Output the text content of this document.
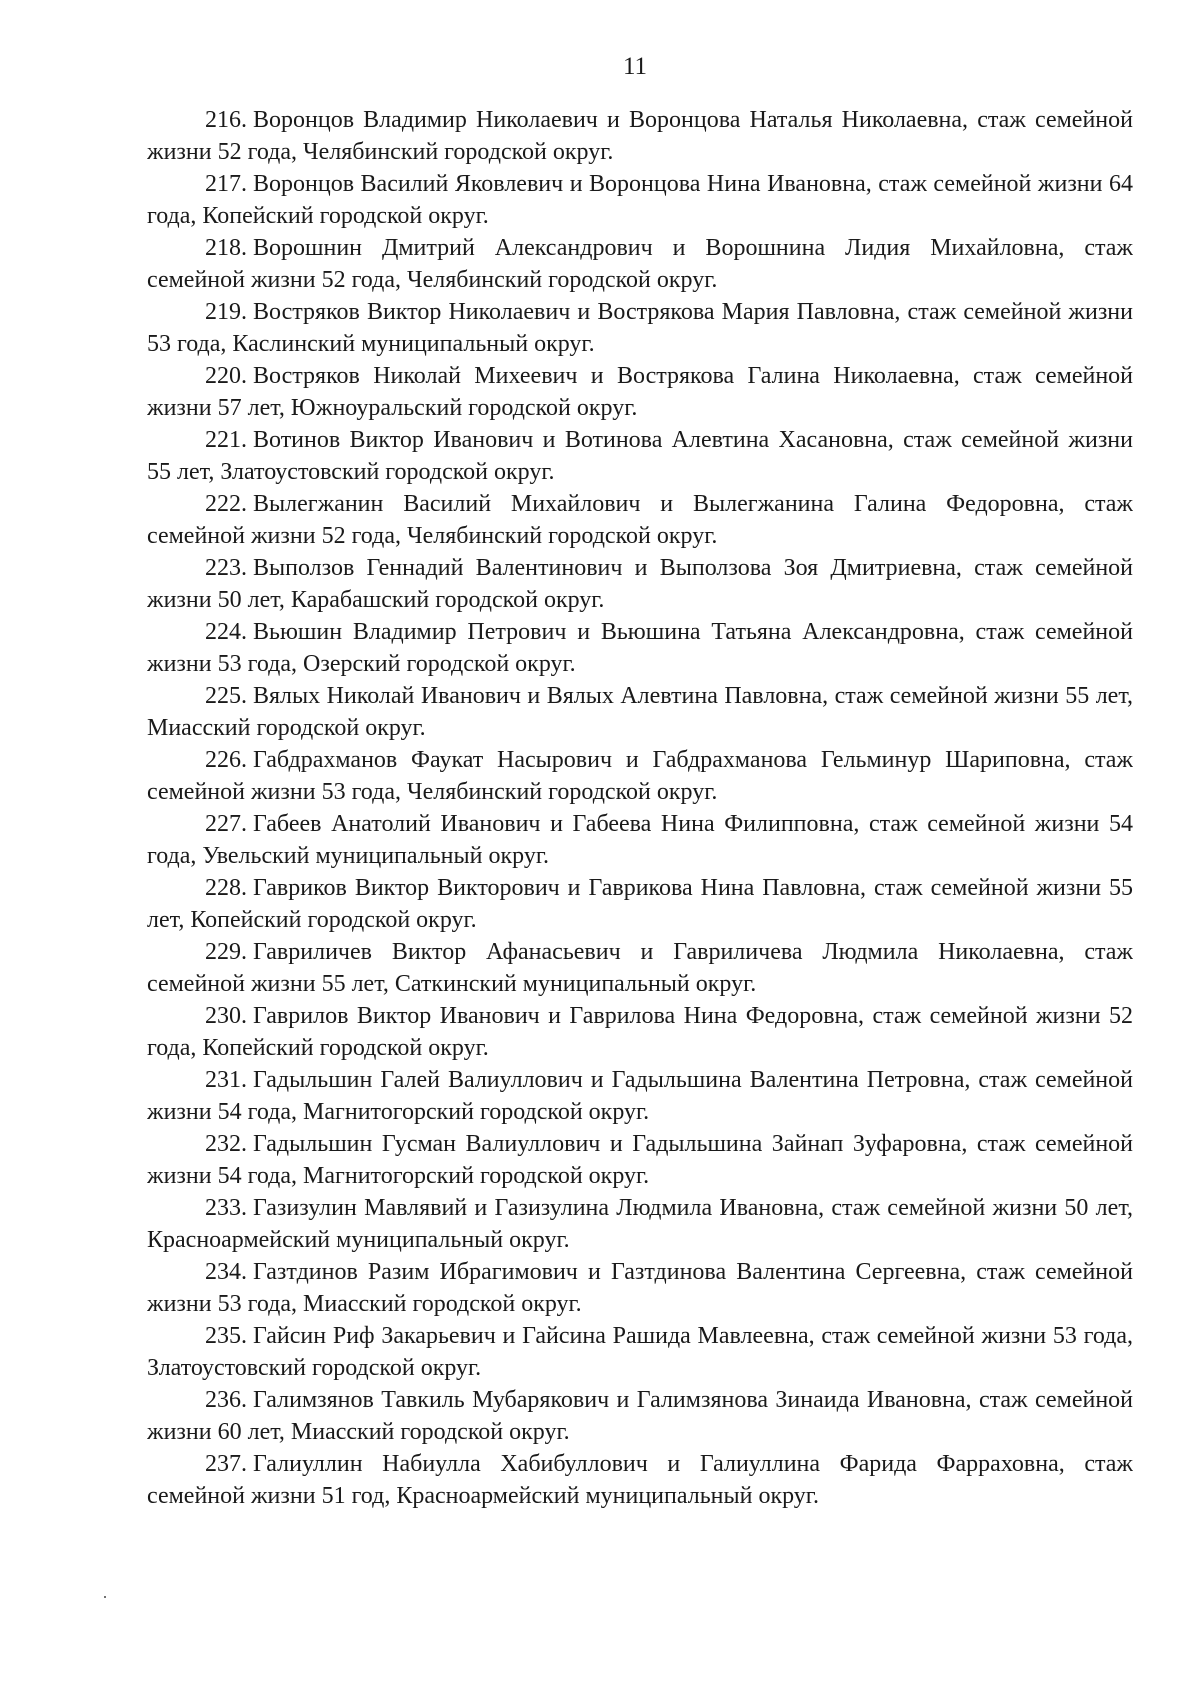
11
216. Воронцов Владимир Николаевич и Воронцова Наталья Николаевна, стаж семейной жизни 52 года, Челябинский городской округ.
217. Воронцов Василий Яковлевич и Воронцова Нина Ивановна, стаж семейной жизни 64 года, Копейский городской округ.
218. Ворошнин Дмитрий Александрович и Ворошнина Лидия Михайловна, стаж семейной жизни 52 года, Челябинский городской округ.
219. Востряков Виктор Николаевич и Вострякова Мария Павловна, стаж семейной жизни 53 года, Каслинский муниципальный округ.
220. Востряков Николай Михеевич и Вострякова Галина Николаевна, стаж семейной жизни 57 лет, Южноуральский городской округ.
221. Вотинов Виктор Иванович и Вотинова Алевтина Хасановна, стаж семейной жизни 55 лет, Златоустовский городской округ.
222. Вылегжанин Василий Михайлович и Вылегжанина Галина Федоровна, стаж семейной жизни 52 года, Челябинский городской округ.
223. Выползов Геннадий Валентинович и Выползова Зоя Дмитриевна, стаж семейной жизни 50 лет, Карабашский городской округ.
224. Вьюшин Владимир Петрович и Вьюшина Татьяна Александровна, стаж семейной жизни 53 года, Озерский городской округ.
225. Вялых Николай Иванович и Вялых Алевтина Павловна, стаж семейной жизни 55 лет, Миасский городской округ.
226. Габдрахманов Фаукат Насырович и Габдрахманова Гельминур Шариповна, стаж семейной жизни 53 года, Челябинский городской округ.
227. Габеев Анатолий Иванович и Габеева Нина Филипповна, стаж семейной жизни 54 года, Увельский муниципальный округ.
228. Гавриков Виктор Викторович и Гаврикова Нина Павловна, стаж семейной жизни 55 лет, Копейский городской округ.
229. Гавриличев Виктор Афанасьевич и Гавриличева Людмила Николаевна, стаж семейной жизни 55 лет, Саткинский муниципальный округ.
230. Гаврилов Виктор Иванович и Гаврилова Нина Федоровна, стаж семейной жизни 52 года, Копейский городской округ.
231. Гадыльшин Галей Валиуллович и Гадыльшина Валентина Петровна, стаж семейной жизни 54 года, Магнитогорский городской округ.
232. Гадыльшин Гусман Валиуллович и Гадыльшина Зайнап Зуфаровна, стаж семейной жизни 54 года, Магнитогорский городской округ.
233. Газизулин Мавлявий и Газизулина Людмила Ивановна, стаж семейной жизни 50 лет, Красноармейский муниципальный округ.
234. Газтдинов Разим Ибрагимович и Газтдинова Валентина Сергеевна, стаж семейной жизни 53 года, Миасский городской округ.
235. Гайсин Риф Закарьевич и Гайсина Рашида Мавлеевна, стаж семейной жизни 53 года, Златоустовский городской округ.
236. Галимзянов Тавкиль Мубарякович и Галимзянова Зинаида Ивановна, стаж семейной жизни 60 лет, Миасский городской округ.
237. Галиуллин Набиулла Хабибуллович и Галиуллина Фарида Фарраховна, стаж семейной жизни 51 год, Красноармейский муниципальный округ.
